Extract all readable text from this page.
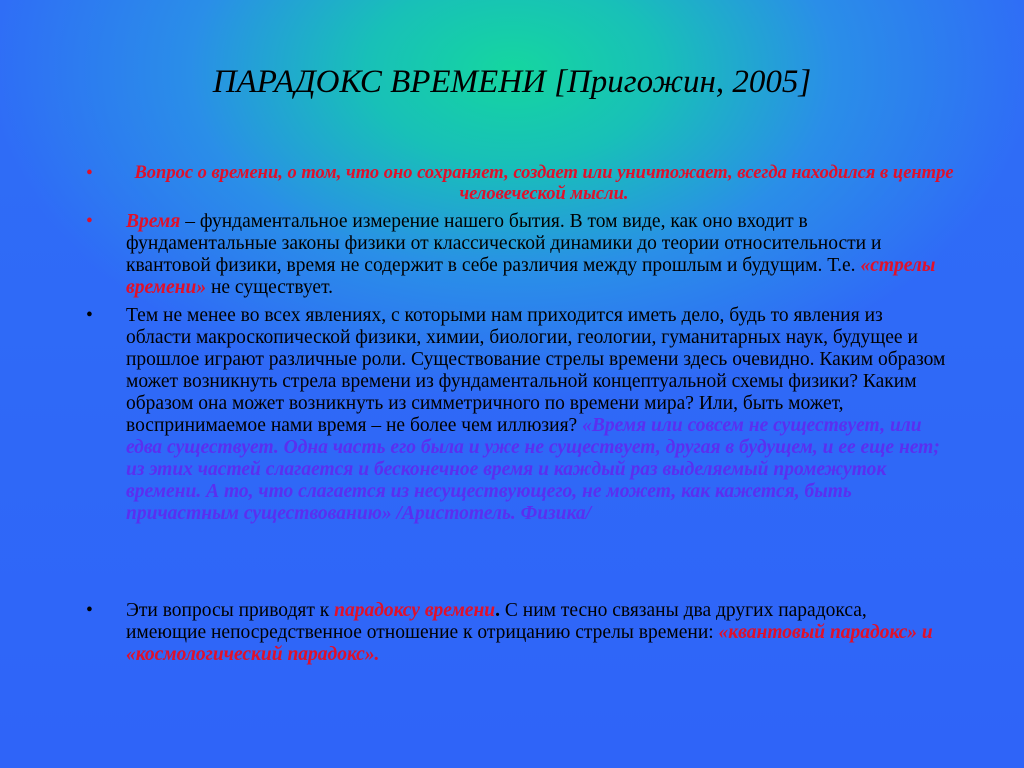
ПАРАДОКС ВРЕМЕНИ [Пригожин, 2005]
•	Вопрос о времени, о том, что оно сохраняет, создает или уничтожает, всегда находился в центре человеческой мысли.
•	Время – фундаментальное измерение нашего бытия. В том виде, как оно входит в фундаментальные законы физики от классической динамики до теории относительности и квантовой физики, время не содержит в себе различия между прошлым и будущим. Т.е. «стрелы времени» не существует.
•	Тем не менее во всех явлениях, с которыми нам приходится иметь дело, будь то явления из области макроскопической физики, химии, биологии, геологии, гуманитарных наук, будущее и прошлое играют различные роли. Существование стрелы времени здесь очевидно. Каким образом может возникнуть стрела времени из фундаментальной концептуальной схемы физики? Каким образом она может возникнуть из симметричного по времени мира? Или, быть может, воспринимаемое нами время – не более чем иллюзия? «Время или совсем не существует, или едва существует. Одна часть его была и уже не существует, другая в будущем, и ее еще нет; из этих частей слагается и бесконечное время и каждый раз выделяемый промежуток времени. А то, что слагается из несуществующего, не может, как кажется, быть причастным существованию» /Аристотель. Физика/
•	Эти вопросы приводят к парадоксу времени. С ним тесно связаны два других парадокса, имеющие непосредственное отношение к отрицанию стрелы времени: «квантовый парадокс» и «космологический парадокс».
